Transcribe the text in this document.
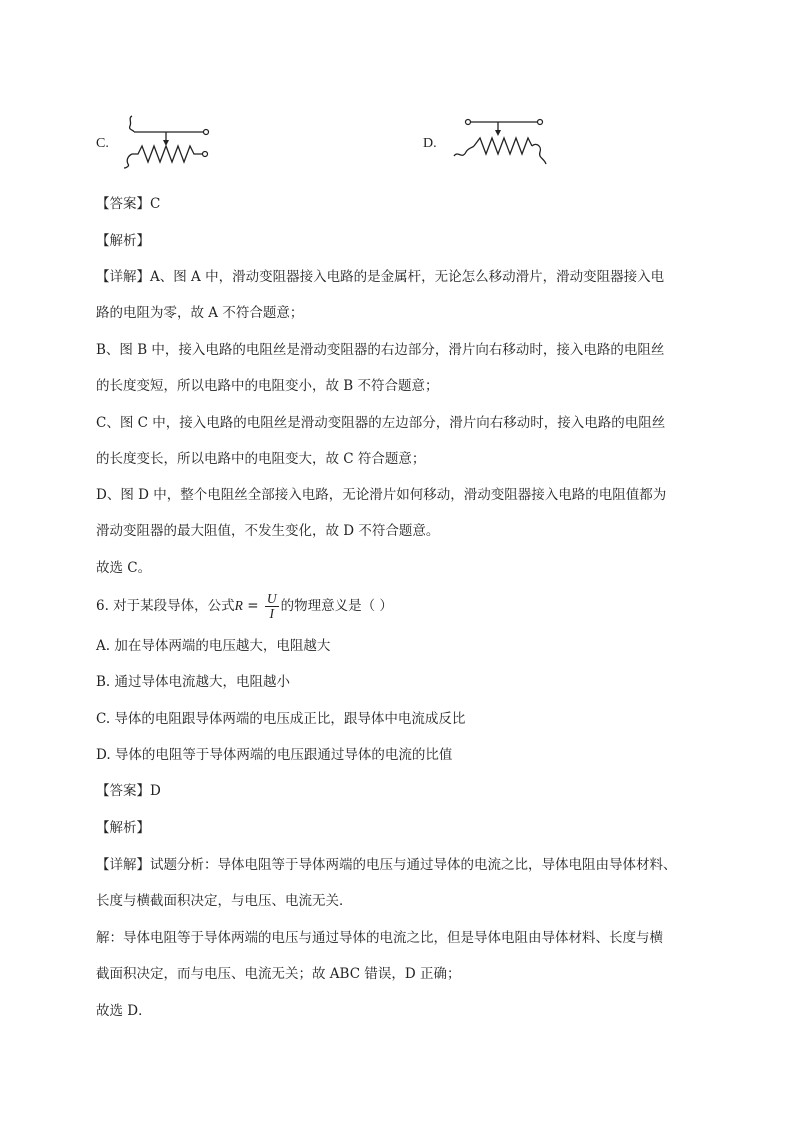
C.	D.
【答案】C
【解析】
【详解】A、图 A 中，滑动变阻器接入电路的是金属杆，无论怎么移动滑片，滑动变阻器接入电
路的电阻为零，故 A 不符合题意；
B、图 B 中，接入电路的电阻丝是滑动变阻器的右边部分，滑片向右移动时，接入电路的电阻丝
的长度变短，所以电路中的电阻变小，故 B 不符合题意；
C、图 C 中，接入电路的电阻丝是滑动变阻器的左边部分，滑片向右移动时，接入电路的电阻丝
的长度变长，所以电路中的电阻变大，故 C 符合题意；
D、图 D 中，整个电阻丝全部接入电路，无论滑片如何移动，滑动变阻器接入电路的电阻值都为
滑动变阻器的最大阻值，不发生变化，故 D 不符合题意。
故选 C。
6. 对于某段导体，公式$R = \frac{U}{I}$ 的物理意义是（ ）
A. 加在导体两端的电压越大，电阻越大
B. 通过导体电流越大，电阻越小
C. 导体的电阻跟导体两端的电压成正比，跟导体中电流成反比
D. 导体的电阻等于导体两端的电压跟通过导体的电流的比值
【答案】D
【解析】
【详解】试题分析：导体电阻等于导体两端的电压与通过导体的电流之比，导体电阻由导体材料、
长度与横截面积决定，与电压、电流无关．
解：导体电阻等于导体两端的电压与通过导体的电流之比，但是导体电阻由导体材料、长度与横
截面积决定，而与电压、电流无关；故 ABC 错误，D 正确；
故选 D．
